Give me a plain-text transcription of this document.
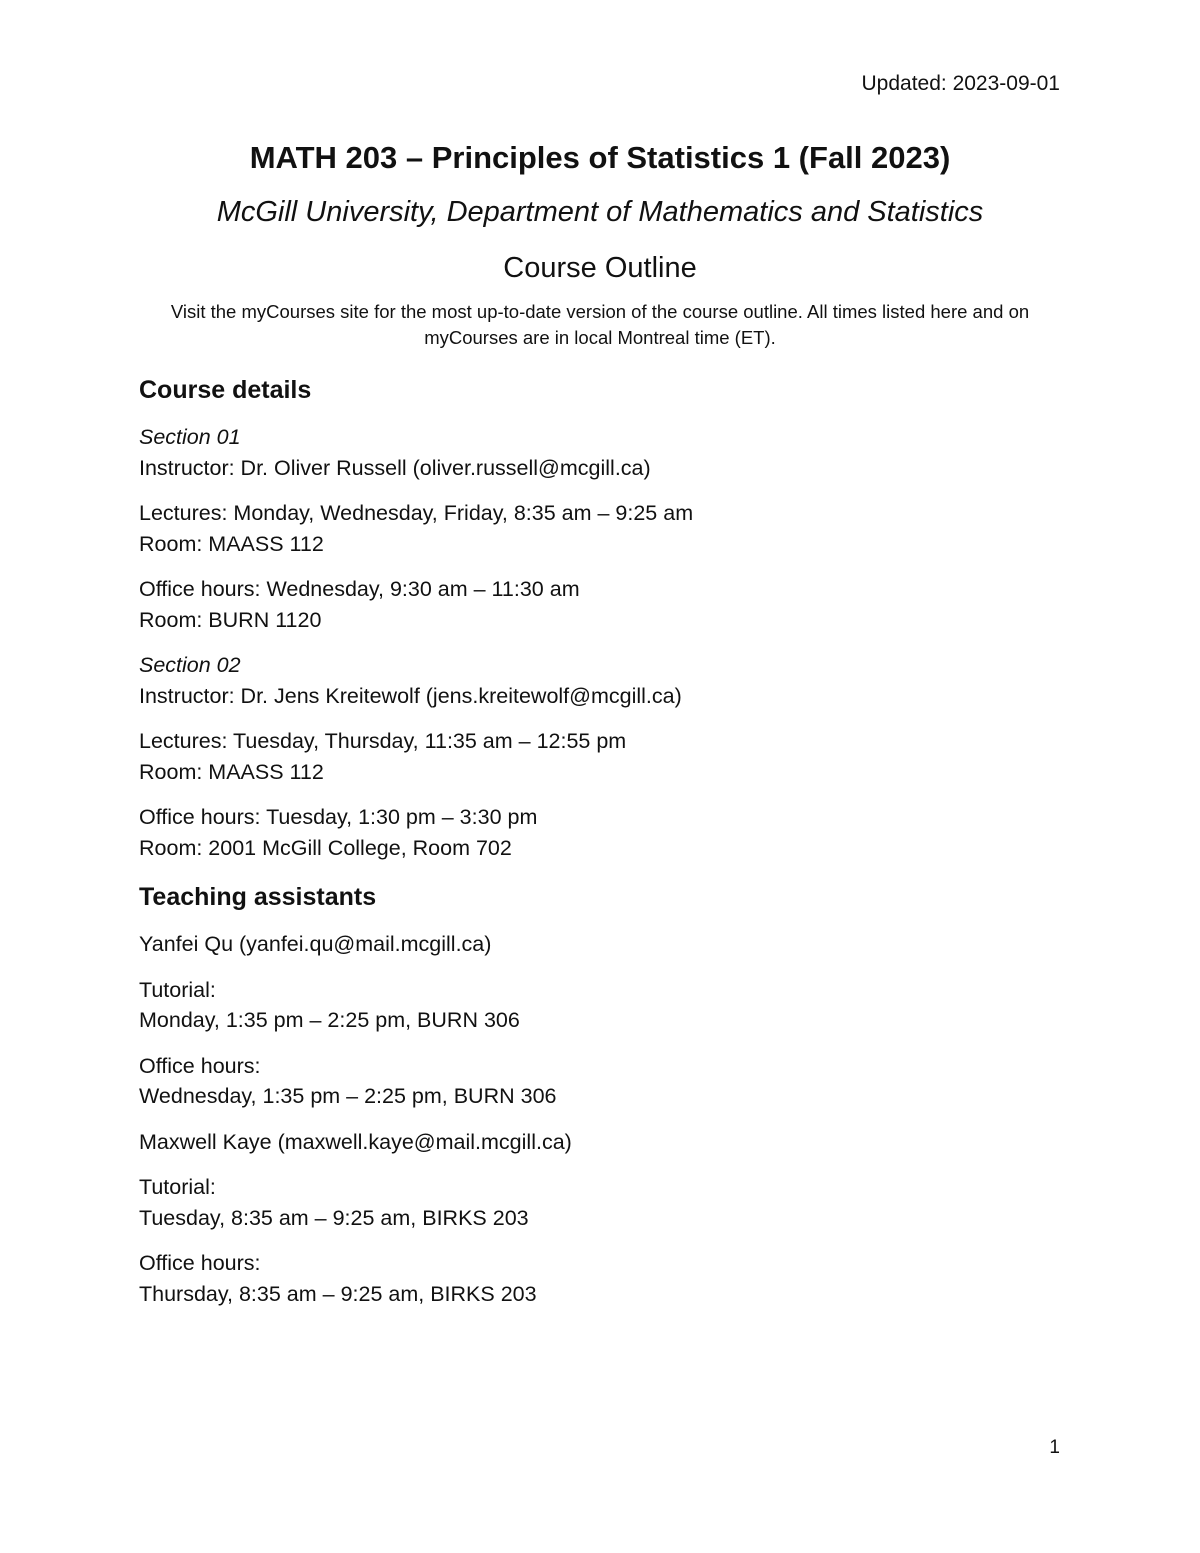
Updated: 2023-09-01
MATH 203 – Principles of Statistics 1 (Fall 2023)
McGill University, Department of Mathematics and Statistics
Course Outline
Visit the myCourses site for the most up-to-date version of the course outline. All times listed here and on myCourses are in local Montreal time (ET).
Course details
Section 01
Instructor: Dr. Oliver Russell (oliver.russell@mcgill.ca)
Lectures: Monday, Wednesday, Friday, 8:35 am – 9:25 am
Room: MAASS 112
Office hours: Wednesday, 9:30 am – 11:30 am
Room: BURN 1120
Section 02
Instructor: Dr. Jens Kreitewolf (jens.kreitewolf@mcgill.ca)
Lectures: Tuesday, Thursday, 11:35 am – 12:55 pm
Room: MAASS 112
Office hours: Tuesday, 1:30 pm – 3:30 pm
Room: 2001 McGill College, Room 702
Teaching assistants
Yanfei Qu (yanfei.qu@mail.mcgill.ca)
Tutorial:
Monday, 1:35 pm – 2:25 pm, BURN 306
Office hours:
Wednesday, 1:35 pm – 2:25 pm, BURN 306
Maxwell Kaye (maxwell.kaye@mail.mcgill.ca)
Tutorial:
Tuesday, 8:35 am – 9:25 am, BIRKS 203
Office hours:
Thursday, 8:35 am – 9:25 am, BIRKS 203
1
